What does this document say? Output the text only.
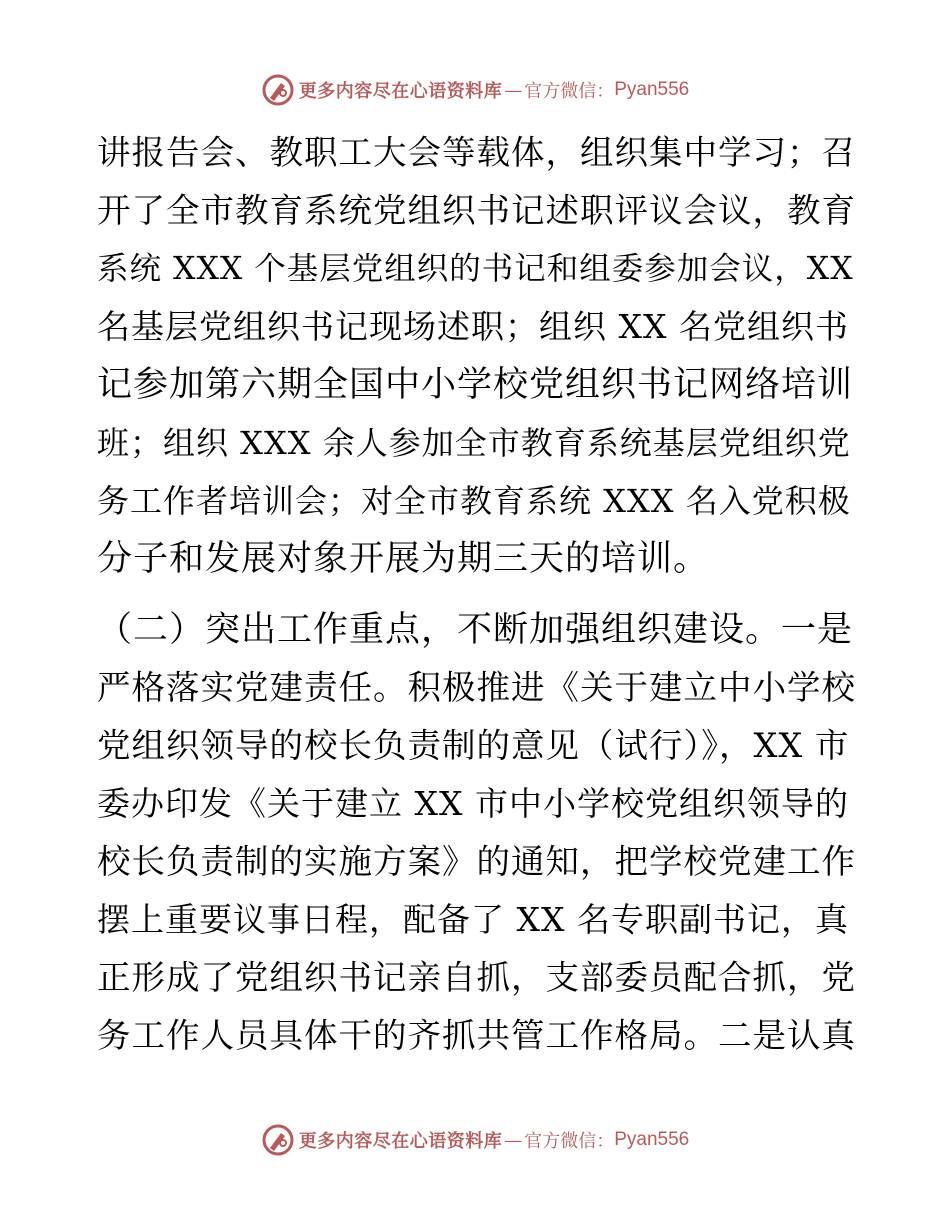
更多内容尽在心语资料库 — 官方微信： Pyan556
讲报告会、教职工大会等载体，组织集中学习；召
开了全市教育系统党组织书记述职评议会议，教育
系统 XXX 个基层党组织的书记和组委参加会议，XX
名基层党组织书记现场述职；组织 XX 名党组织书
记参加第六期全国中小学校党组织书记网络培训
班；组织 XXX 余人参加全市教育系统基层党组织党
务工作者培训会；对全市教育系统 XXX 名入党积极
分子和发展对象开展为期三天的培训。
（二）突出工作重点，不断加强组织建设。一是
严格落实党建责任。积极推进《关于建立中小学校
党组织领导的校长负责制的意见（试行）》，XX 市
委办印发《关于建立 XX 市中小学校党组织领导的
校长负责制的实施方案》的通知，把学校党建工作
摆上重要议事日程，配备了 XX 名专职副书记，真
正形成了党组织书记亲自抓，支部委员配合抓，党
务工作人员具体干的齐抓共管工作格局。二是认真
更多内容尽在心语资料库 — 官方微信： Pyan556
